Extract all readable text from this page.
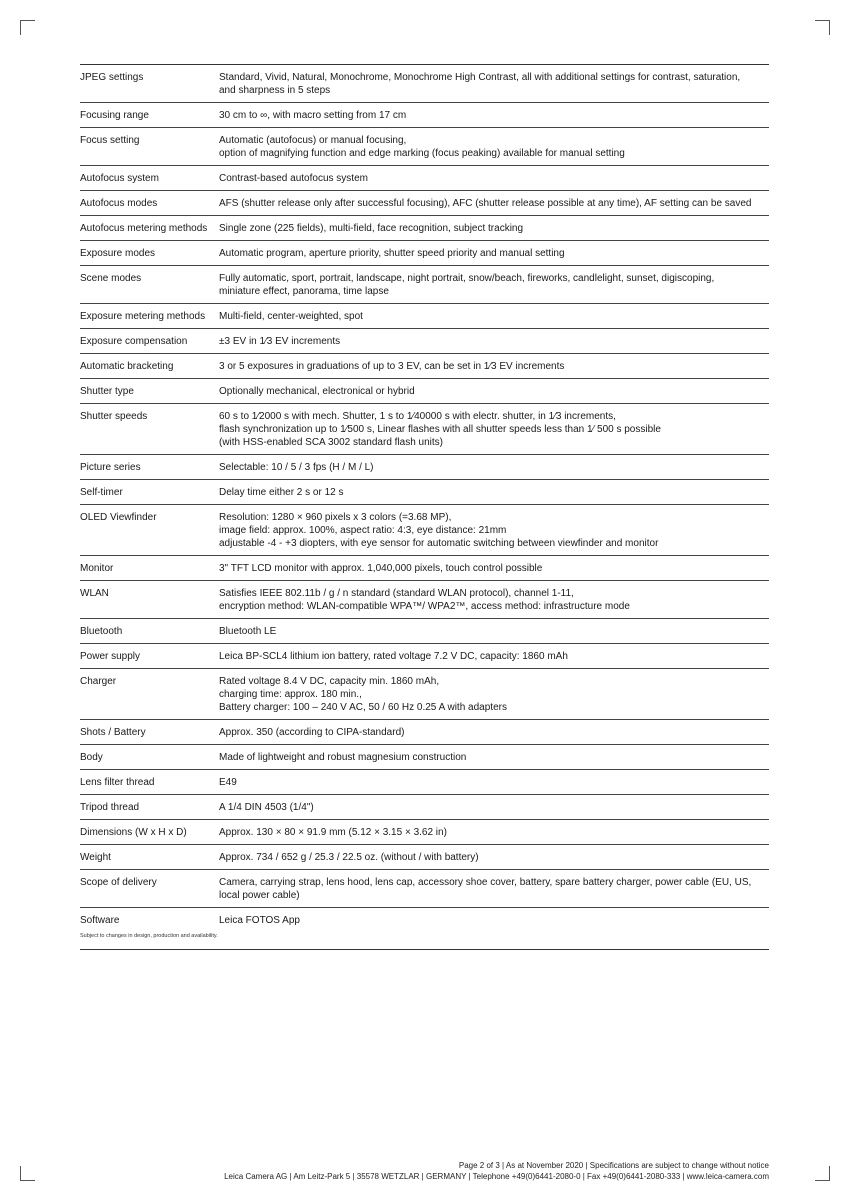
JPEG settings	Standard, Vivid, Natural, Monochrome, Monochrome High Contrast, all with additional settings for contrast, saturation,
and sharpness in 5 steps
Focusing range	30 cm to ∞, with macro setting from 17 cm
Focus setting	Automatic (autofocus) or manual focusing,
option of magnifying function and edge marking (focus peaking) available for manual setting
Autofocus system	Contrast-based autofocus system
Autofocus modes	AFS (shutter release only after successful focusing), AFC (shutter release possible at any time), AF setting can be saved
Autofocus metering methods	Single zone (225 fields), multi-field, face recognition, subject tracking
Exposure modes	Automatic program, aperture priority, shutter speed priority and manual setting
Scene modes	Fully automatic, sport, portrait, landscape, night portrait, snow/beach, fireworks, candlelight, sunset, digiscoping,
miniature effect, panorama, time lapse
Exposure metering methods	Multi-field, center-weighted, spot
Exposure compensation	±3 EV in 1⁄3 EV increments
Automatic bracketing	3 or 5 exposures in graduations of up to 3 EV, can be set in 1⁄3 EV increments
Shutter type	Optionally mechanical, electronical or hybrid
Shutter speeds	60 s to 1⁄2000 s with mech. Shutter, 1 s to 1⁄40000 s with electr. shutter, in 1⁄3 increments,
flash synchronization up to 1⁄500 s, Linear flashes with all shutter speeds less than 1⁄ 500 s possible
(with HSS-enabled SCA 3002 standard flash units)
Picture series	Selectable: 10 / 5 / 3 fps (H / M / L)
Self-timer	Delay time either 2 s or 12 s
OLED Viewfinder	Resolution: 1280 × 960 pixels x 3 colors (=3.68 MP),
image field: approx. 100%, aspect ratio: 4:3, eye distance: 21mm
adjustable -4 - +3 diopters, with eye sensor for automatic switching between viewfinder and monitor
Monitor	3" TFT LCD monitor with approx. 1,040,000 pixels, touch control possible
WLAN	Satisfies IEEE 802.11b / g / n standard (standard WLAN protocol), channel 1-11,
encryption method: WLAN-compatible WPA™/ WPA2™, access method: infrastructure mode
Bluetooth	Bluetooth LE
Power supply	Leica BP-SCL4 lithium ion battery, rated voltage 7.2 V DC, capacity: 1860 mAh
Charger	Rated voltage 8.4 V DC, capacity min. 1860 mAh,
charging time: approx. 180 min.,
Battery charger: 100 – 240 V AC, 50 / 60 Hz 0.25 A with adapters
Shots / Battery	Approx. 350 (according to CIPA-standard)
Body	Made of lightweight and robust magnesium construction
Lens filter thread	E49
Tripod thread	A 1/4 DIN 4503 (1/4")
Dimensions (W x H x D)	Approx. 130 × 80 × 91.9 mm (5.12 × 3.15 × 3.62 in)
Weight	Approx. 734 / 652 g / 25.3 / 22.5 oz. (without / with battery)
Scope of delivery	Camera, carrying strap, lens hood, lens cap, accessory shoe cover, battery, spare battery charger, power cable (EU, US,
local power cable)
Software	Leica FOTOS App
Subject to changes in design, production and availability.
Page 2 of 3 | As at November 2020 | Specifications are subject to change without notice
Leica Camera AG | Am Leitz-Park 5 | 35578 WETZLAR | GERMANY | Telephone +49(0)6441-2080-0 | Fax +49(0)6441-2080-333 | www.leica-camera.com
